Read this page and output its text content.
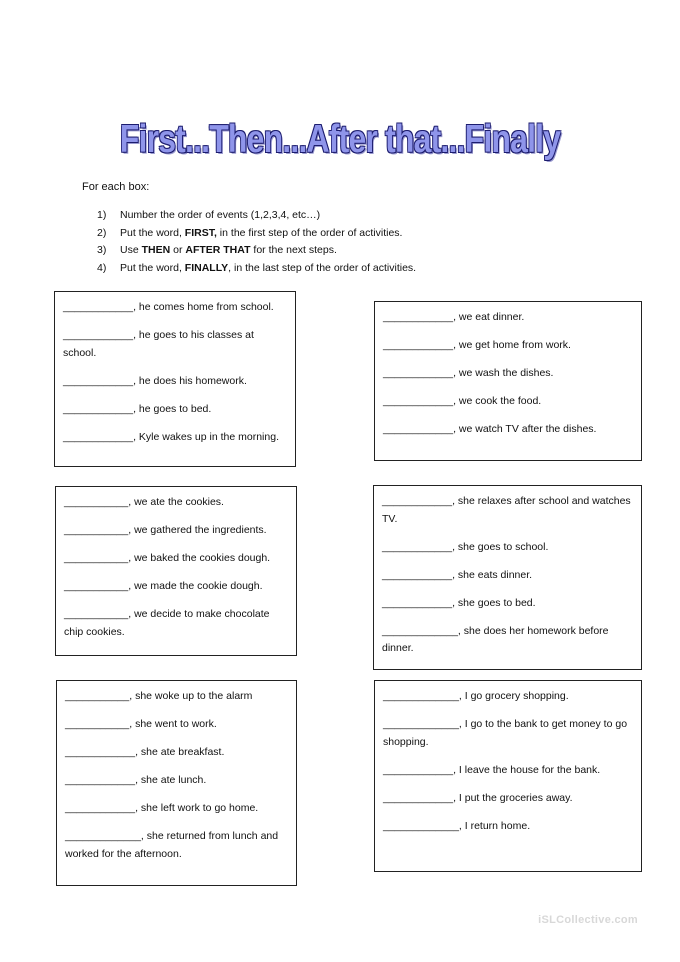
First...Then...After that...Finally
For each box:
1) Number the order of events (1,2,3,4, etc…)
2) Put the word, FIRST, in the first step of the order of activities.
3) Use THEN or AFTER THAT for the next steps.
4) Put the word, FINALLY, in the last step of the order of activities.
____________, he comes home from school.
____________, he goes to his classes at school.
____________, he does his homework.
____________, he goes to bed.
____________, Kyle wakes up in the morning.
____________, we eat dinner.
____________, we get home from work.
____________, we wash the dishes.
____________, we cook the food.
____________, we watch TV after the dishes.
___________, we ate the cookies.
___________, we gathered the ingredients.
___________, we baked the cookies dough.
___________, we made the cookie dough.
___________, we decide to make chocolate chip cookies.
____________, she relaxes after school and watches TV.
____________, she goes to school.
____________, she eats dinner.
____________, she goes to bed.
_____________, she does her homework before dinner.
___________, she woke up to the alarm
___________, she went to work.
____________, she ate breakfast.
____________, she ate lunch.
____________, she left work to go home.
_____________, she returned from lunch and worked for the afternoon.
_____________, I go grocery shopping.
_____________, I go to the bank to get money to go shopping.
____________, I leave the house for the bank.
____________, I put the groceries away.
_____________, I return home.
iSLCollective.com
